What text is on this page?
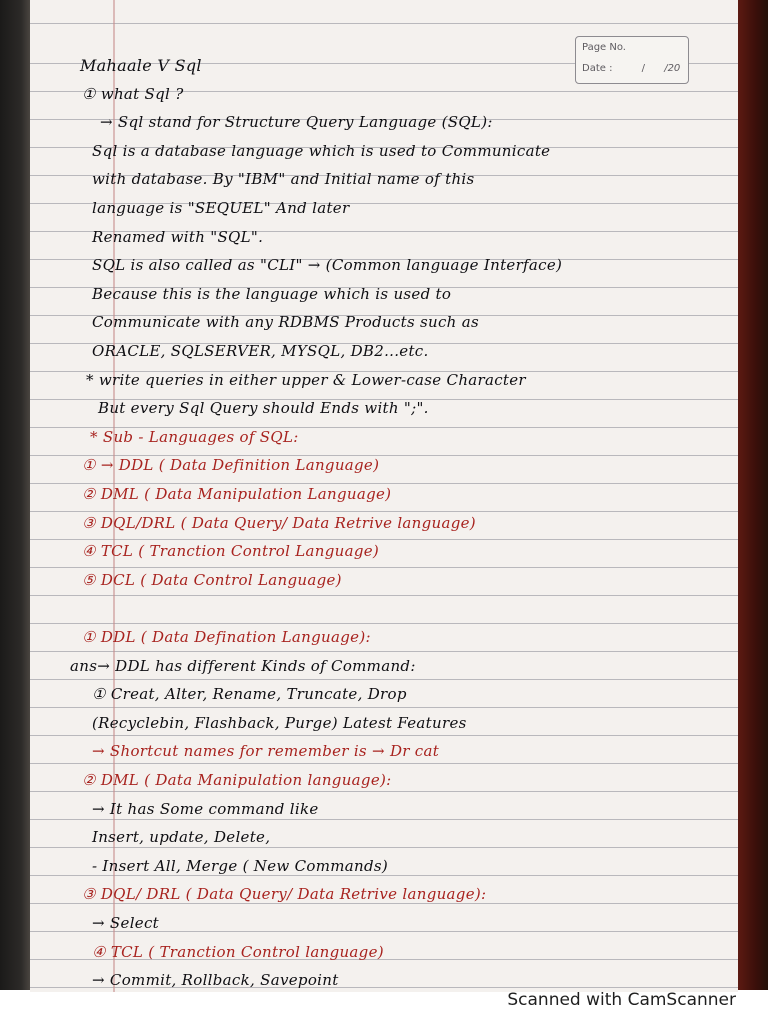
Page No.
Date :	/ /20
Mahaale V Sql
① what Sql ?
→ Sql stand for Structure Query Language (SQL):
Sql is a database language which is used to Communicate
with database. By "IBM" and Initial name of this
language is "SEQUEL" And later
Renamed with "SQL".
SQL is also called as "CLI" → (Common language Interface)
Because this is the language which is used to
Communicate with any RDBMS Products such as
ORACLE, SQLSERVER, MYSQL, DB2...etc.
* write queries in either upper & Lower-case Character
But every Sql Query should Ends with ";".
* Sub - Languages of SQL:
① → DDL ( Data Definition Language)
② DML ( Data Manipulation Language)
③ DQL/DRL ( Data Query/ Data Retrive language)
④ TCL ( Tranction Control Language)
⑤ DCL ( Data Control Language)
① DDL ( Data Defination Language):
ans→ DDL has different Kinds of Command:
① Creat, Alter, Rename, Truncate, Drop
(Recyclebin, Flashback, Purge) Latest Features
→ Shortcut names for remember is → Dr cat
② DML ( Data Manipulation language):
→ It has Some command like
Insert, update, Delete,
- Insert All, Merge ( New Commands)
③ DQL/ DRL ( Data Query/ Data Retrive language):
→ Select
④ TCL ( Tranction Control language)
→ Commit, Rollback, Savepoint
Scanned with CamScanner
